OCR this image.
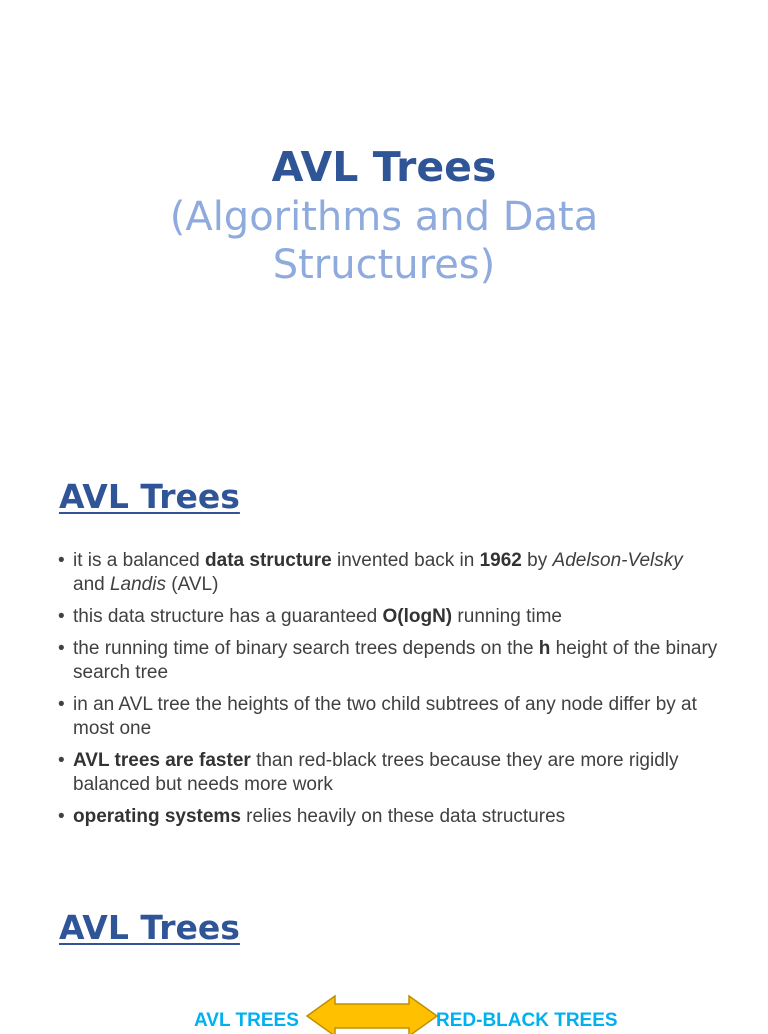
AVL Trees
(Algorithms and Data
Structures)
AVL Trees
• it is a balanced data structure invented back in 1962 by Adelson-Velsky and Landis (AVL)
• this data structure has a guaranteed O(logN) running time
• the running time of binary search trees depends on the h height of the binary search tree
• in an AVL tree the heights of the two child subtrees of any node differ by at most one
• AVL trees are faster than red-black trees because they are more rigidly balanced but needs more work
• operating systems relies heavily on these data structures
AVL Trees
AVL TREES	RED-BLACK TREES
